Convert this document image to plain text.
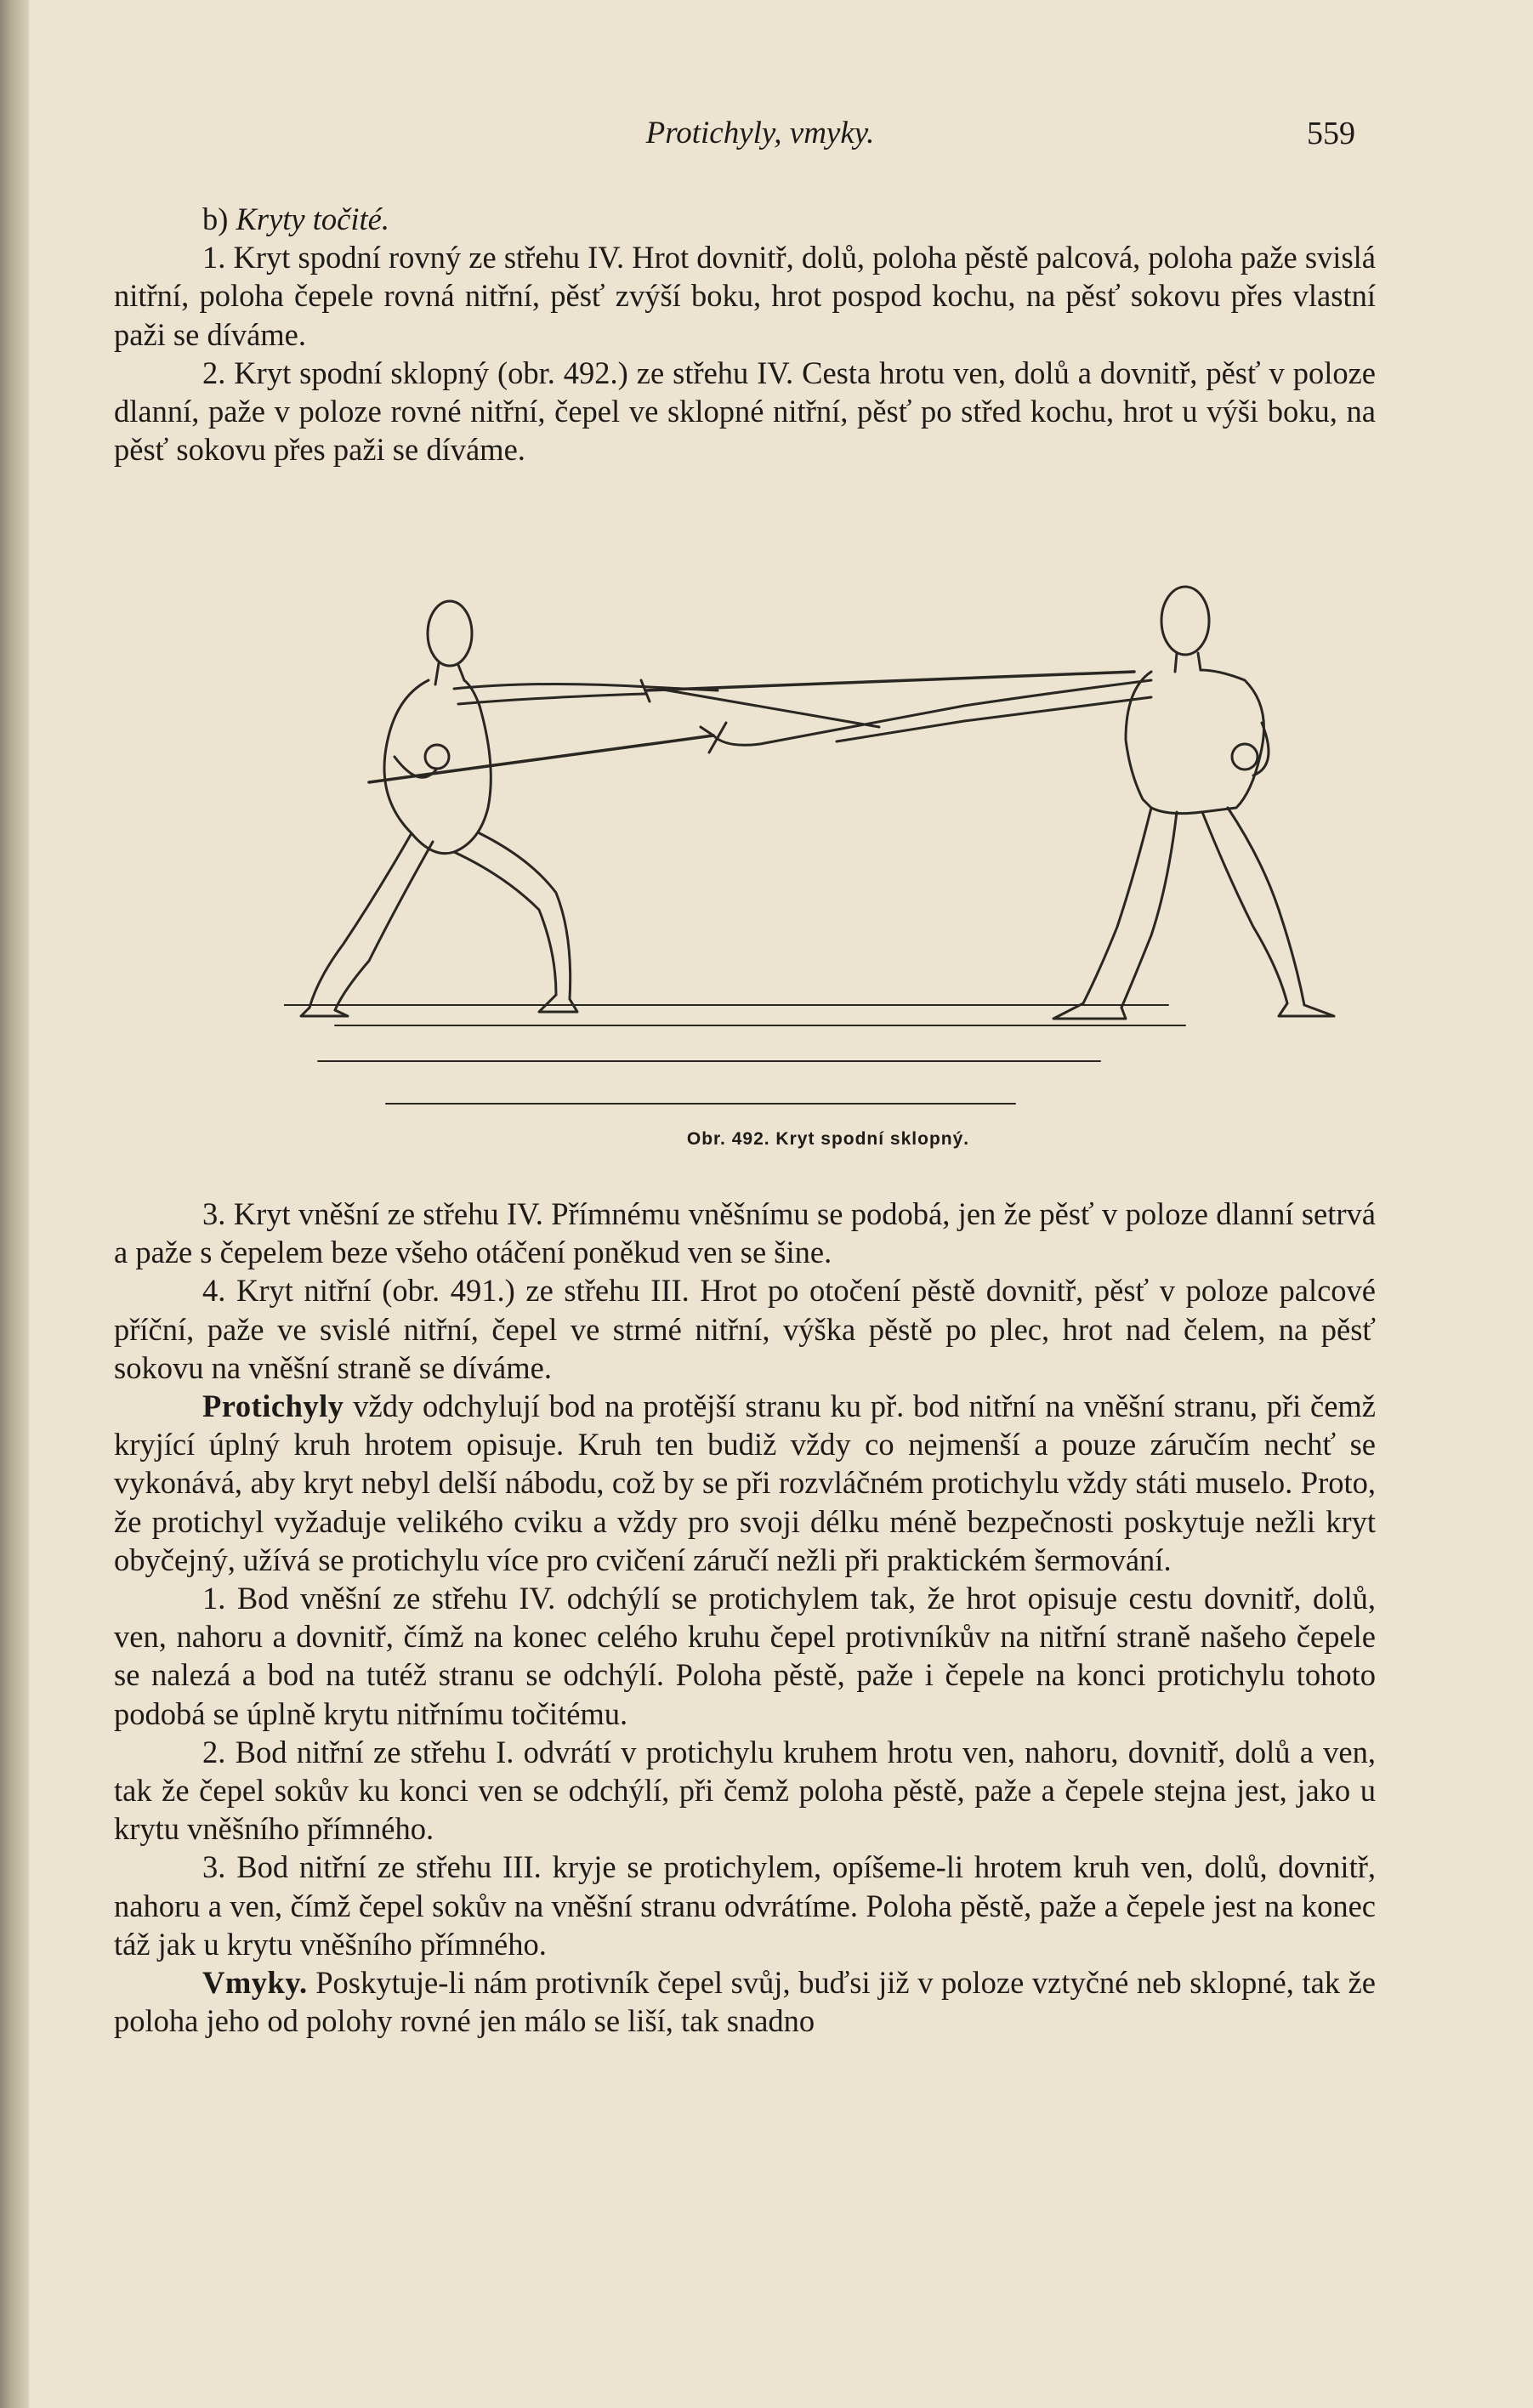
Protichyly, vmyky.	559

b) Kryty točité.

1. Kryt spodní rovný ze střehu IV. Hrot dovnitř, dolů, poloha pěstě palcová, poloha paže svislá nitřní, poloha čepele rovná nitřní, pěsť zvýší boku, hrot pospod kochu, na pěsť sokovu přes vlastní paži se díváme.

2. Kryt spodní sklopný (obr. 492.) ze střehu IV. Cesta hrotu ven, dolů a dovnitř, pěsť v poloze dlanní, paže v poloze rovné nitřní, čepel ve sklopné nitřní, pěsť po střed kochu, hrot u výši boku, na pěsť sokovu přes paži se díváme.

Obr. 492. Kryt spodní sklopný.

3. Kryt vněšní ze střehu IV. Přímnému vněšnímu se podobá, jen že pěsť v poloze dlanní setrvá a paže s čepelem beze všeho otáčení poněkud ven se šine.

4. Kryt nitřní (obr. 491.) ze střehu III. Hrot po otočení pěstě dovnitř, pěsť v poloze palcové příční, paže ve svislé nitřní, čepel ve strmé nitřní, výška pěstě po plec, hrot nad čelem, na pěsť sokovu na vněšní straně se díváme.

Protichyly vždy odchylují bod na protější stranu ku př. bod nitřní na vněšní stranu, při čemž kryjící úplný kruh hrotem opisuje. Kruh ten budiž vždy co nejmenší a pouze záručím nechť se vykonává, aby kryt nebyl delší nábodu, což by se při rozvláčném protichylu vždy státi muselo. Proto, že protichyl vyžaduje velikého cviku a vždy pro svoji délku méně bezpečnosti poskytuje nežli kryt obyčejný, užívá se protichylu více pro cvičení záručí nežli při praktickém šermování.

1. Bod vněšní ze střehu IV. odchýlí se protichylem tak, že hrot opisuje cestu dovnitř, dolů, ven, nahoru a dovnitř, čímž na konec celého kruhu čepel protivníkův na nitřní straně našeho čepele se nalezá a bod na tutéž stranu se odchýlí. Poloha pěstě, paže i čepele na konci protichylu tohoto podobá se úplně krytu nitřnímu točitému.

2. Bod nitřní ze střehu I. odvrátí v protichylu kruhem hrotu ven, nahoru, dovnitř, dolů a ven, tak že čepel sokův ku konci ven se odchýlí, při čemž poloha pěstě, paže a čepele stejna jest, jako u krytu vněšního přímného.

3. Bod nitřní ze střehu III. kryje se protichylem, opíšeme-li hrotem kruh ven, dolů, dovnitř, nahoru a ven, čímž čepel sokův na vněšní stranu odvrátíme. Poloha pěstě, paže a čepele jest na konec táž jak u krytu vněšního přímného.

Vmyky. Poskytuje-li nám protivník čepel svůj, buďsi již v poloze vztyčné neb sklopné, tak že poloha jeho od polohy rovné jen málo se liší, tak snadno
